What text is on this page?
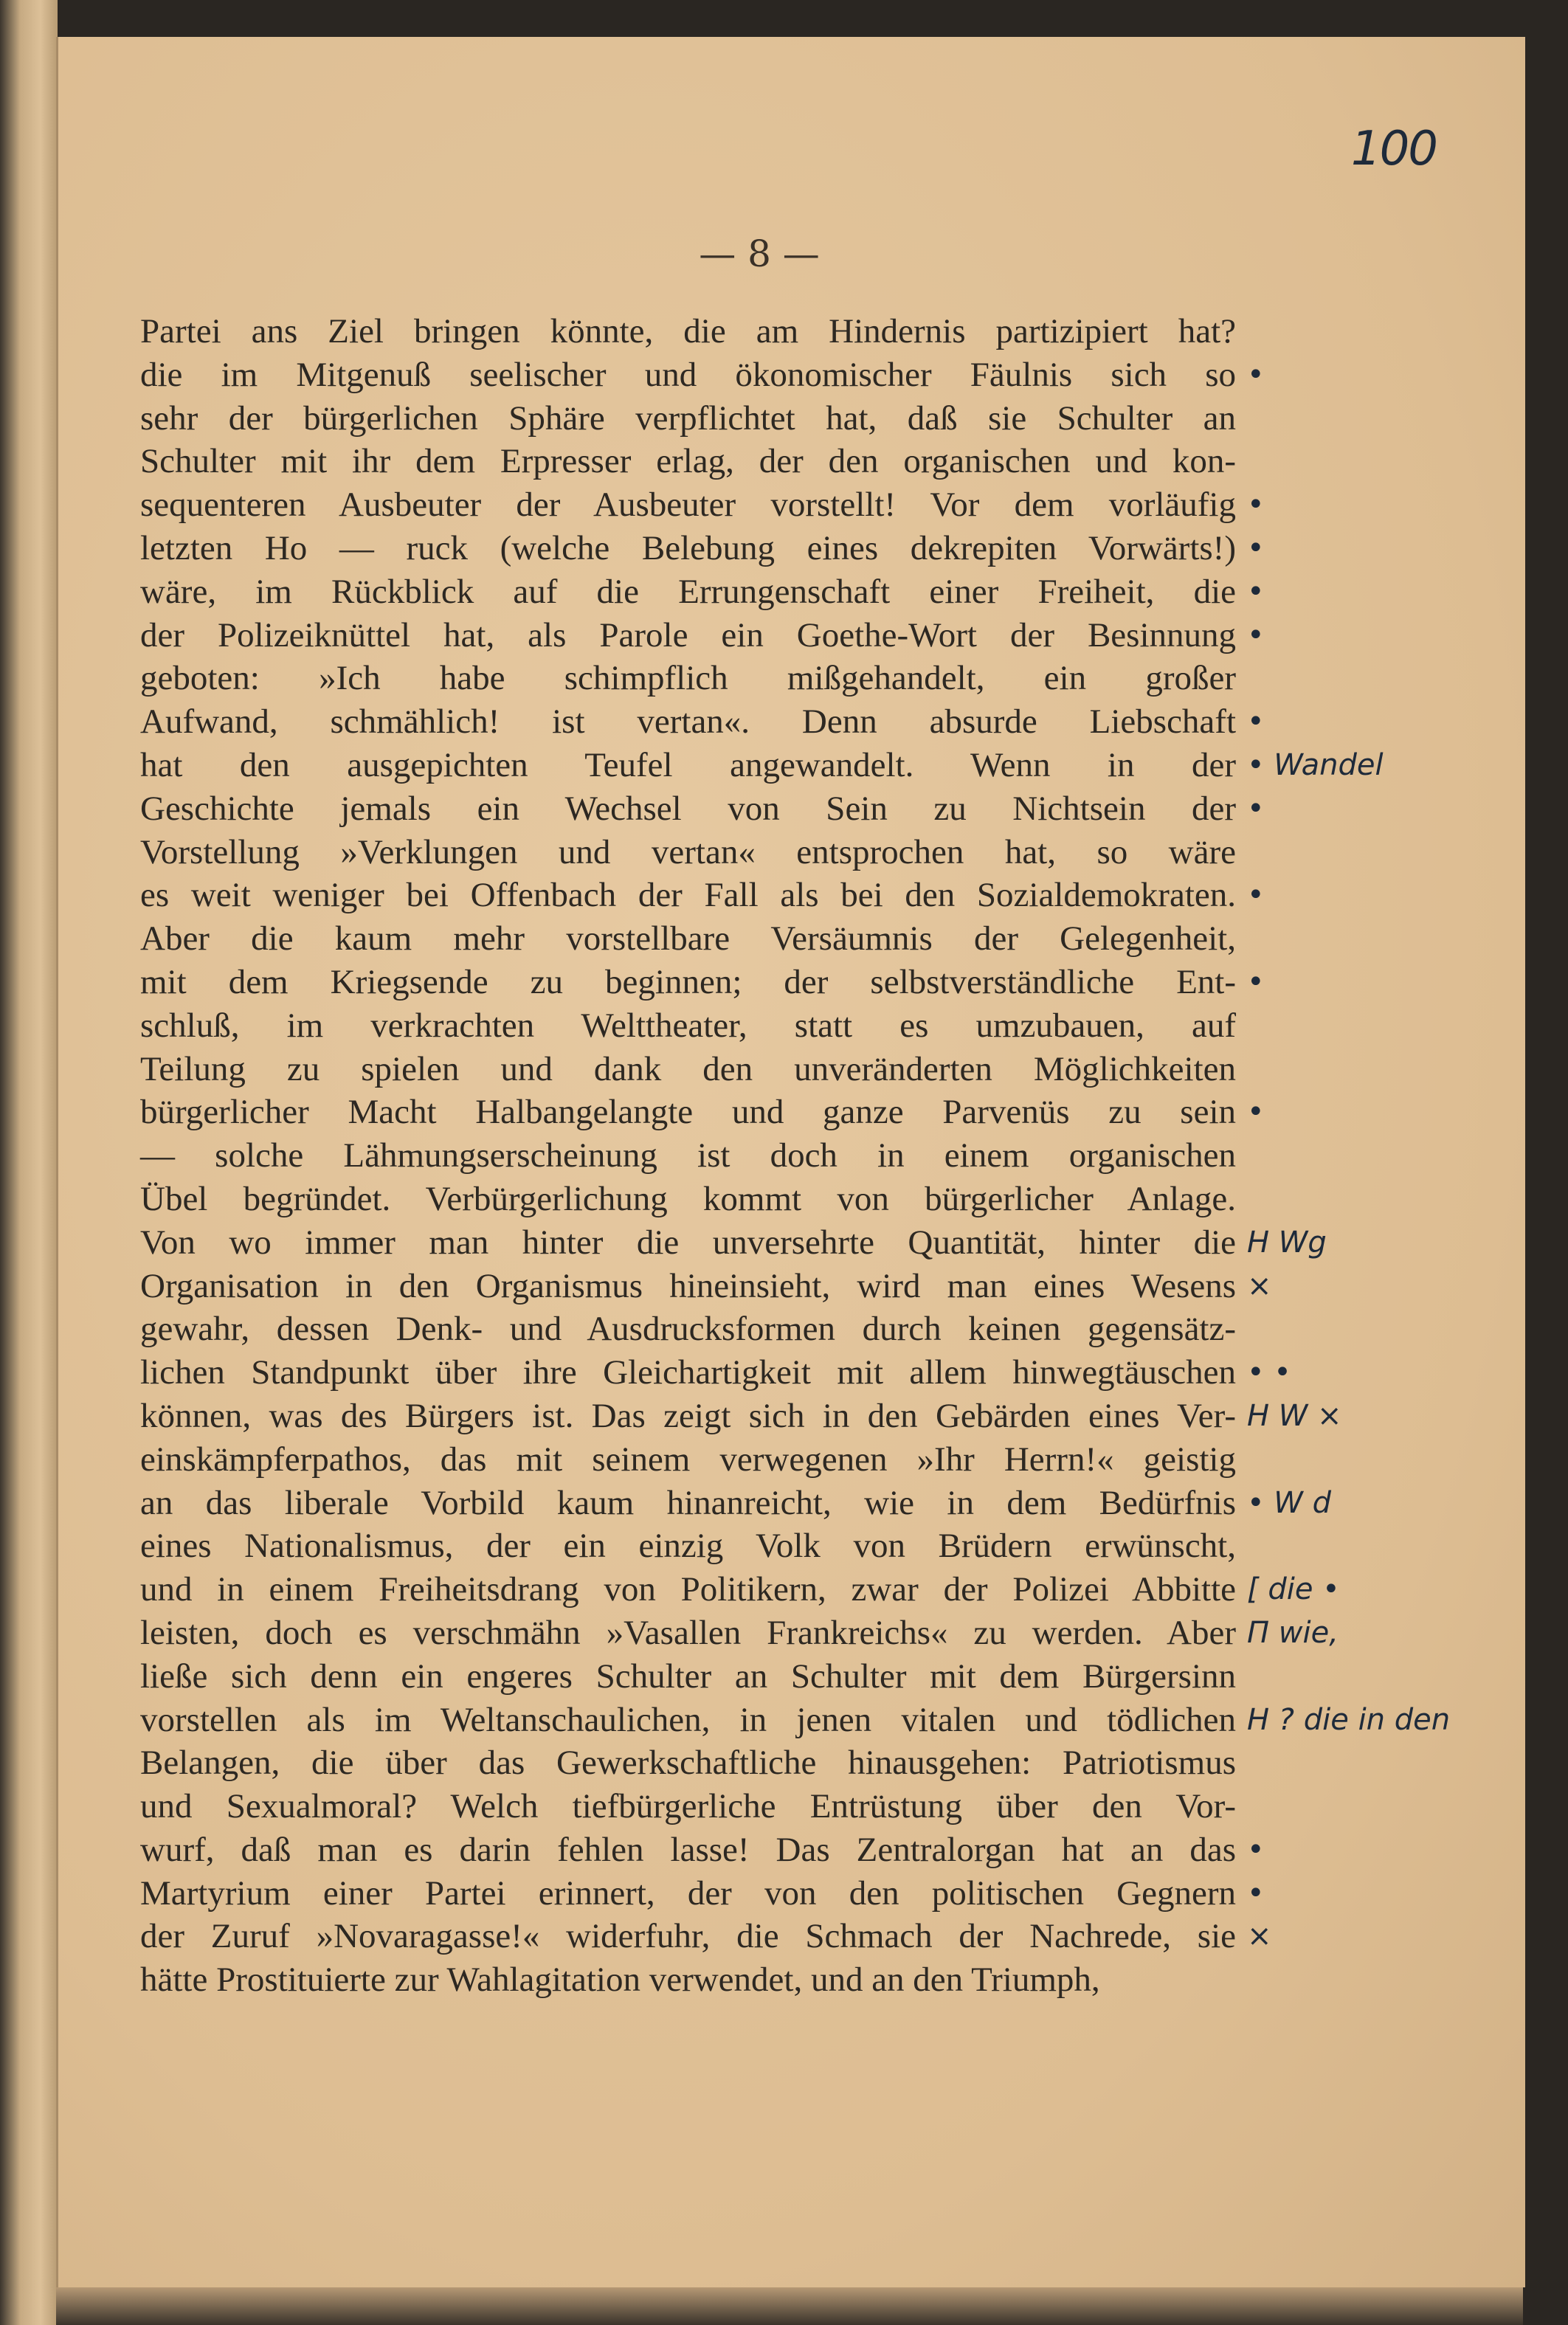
100
— 8 —
Partei ans Ziel bringen könnte, die am Hindernis partizipiert hat?
die im Mitgenuß seelischer und ökonomischer Fäulnis sich so
sehr der bürgerlichen Sphäre verpflichtet hat, daß sie Schulter an
Schulter mit ihr dem Erpresser erlag, der den organischen und kon-
sequenteren Ausbeuter der Ausbeuter vorstellt! Vor dem vorläufig
letzten Ho — ruck (welche Belebung eines dekrepiten Vorwärts!)
wäre, im Rückblick auf die Errungenschaft einer Freiheit, die
der Polizeiknüttel hat, als Parole ein Goethe-Wort der Besinnung
geboten: »Ich habe schimpflich mißgehandelt, ein großer
Aufwand, schmählich! ist vertan«. Denn absurde Liebschaft
hat den ausgepichten Teufel angewandelt. Wenn in der
Geschichte jemals ein Wechsel von Sein zu Nichtsein der
Vorstellung »Verklungen und vertan« entsprochen hat, so wäre
es weit weniger bei Offenbach der Fall als bei den Sozialdemokraten.
Aber die kaum mehr vorstellbare Versäumnis der Gelegenheit,
mit dem Kriegsende zu beginnen; der selbstverständliche Ent-
schluß, im verkrachten Welttheater, statt es umzubauen, auf
Teilung zu spielen und dank den unveränderten Möglichkeiten
bürgerlicher Macht Halbangelangte und ganze Parvenüs zu sein
— solche Lähmungserscheinung ist doch in einem organischen
Übel begründet. Verbürgerlichung kommt von bürgerlicher Anlage.
Von wo immer man hinter die unversehrte Quantität, hinter die
Organisation in den Organismus hineinsieht, wird man eines Wesens
gewahr, dessen Denk- und Ausdrucksformen durch keinen gegensätz-
lichen Standpunkt über ihre Gleichartigkeit mit allem hinwegtäuschen
können, was des Bürgers ist. Das zeigt sich in den Gebärden eines Ver-
einskämpferpathos, das mit seinem verwegenen »Ihr Herrn!« geistig
an das liberale Vorbild kaum hinanreicht, wie in dem Bedürfnis
eines Nationalismus, der ein einzig Volk von Brüdern erwünscht,
und in einem Freiheitsdrang von Politikern, zwar der Polizei Abbitte
leisten, doch es verschmähn »Vasallen Frankreichs« zu werden. Aber
ließe sich denn ein engeres Schulter an Schulter mit dem Bürgersinn
vorstellen als im Weltanschaulichen, in jenen vitalen und tödlichen
Belangen, die über das Gewerkschaftliche hinausgehen: Patriotismus
und Sexualmoral? Welch tiefbürgerliche Entrüstung über den Vor-
wurf, daß man es darin fehlen lasse! Das Zentralorgan hat an das
Martyrium einer Partei erinnert, der von den politischen Gegnern
der Zuruf »Novaragasse!« widerfuhr, die Schmach der Nachrede, sie
hätte Prostituierte zur Wahlagitation verwendet, und an den Triumph,
•
•
•
•
•
•
• Wandel
•
•
•
•
H Wg
×
• •
H W ×
• W d
[ die •
Π wie,
H ? die in den
•
•
×
